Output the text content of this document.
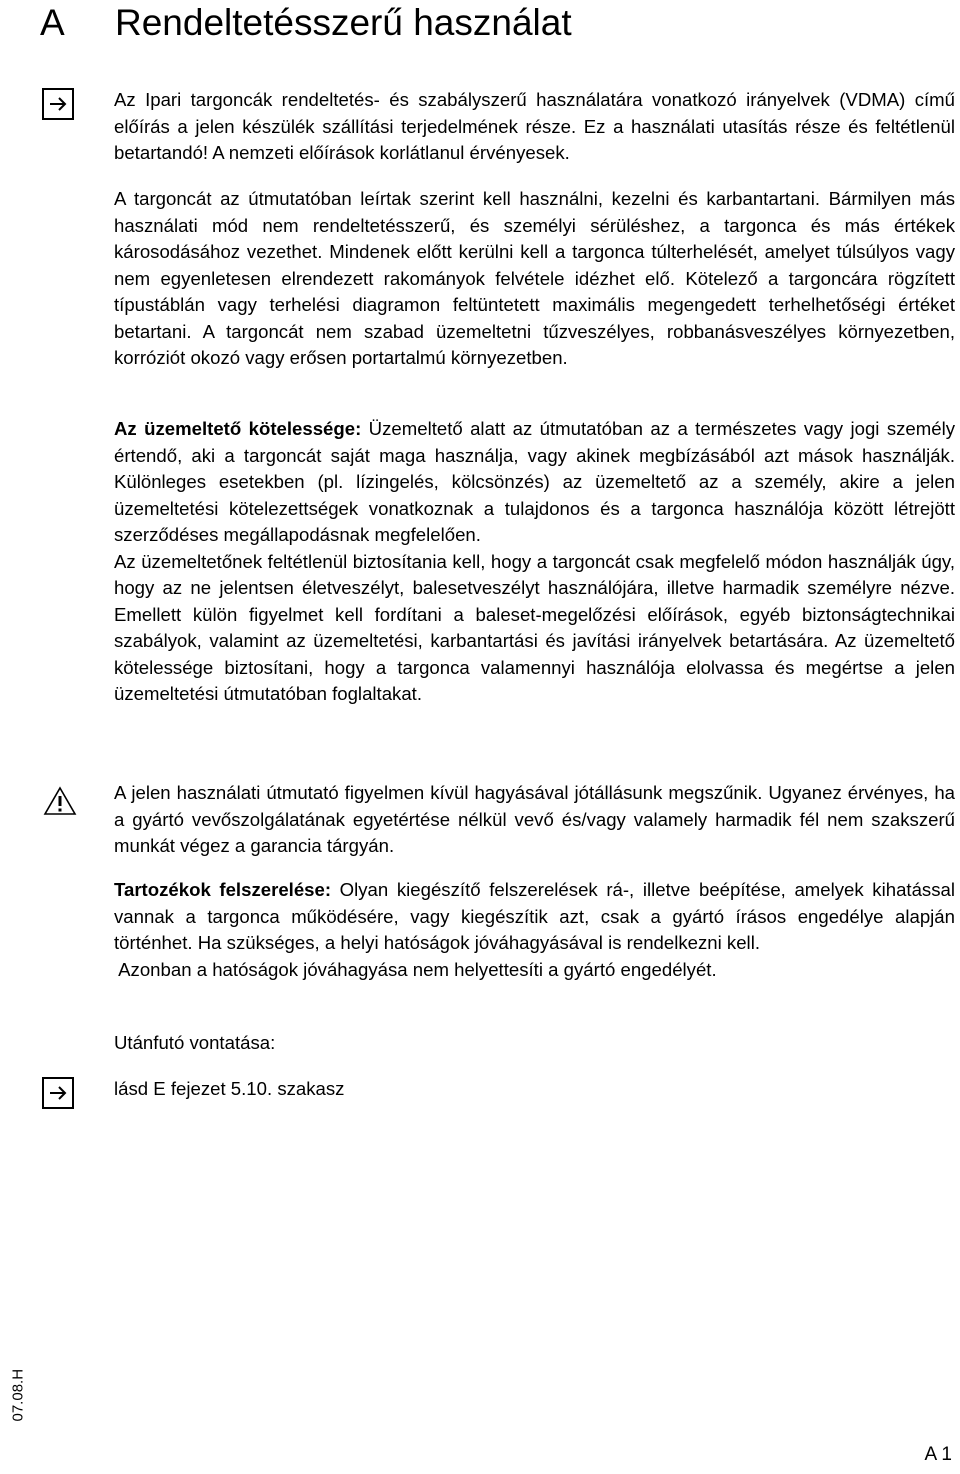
A Rendeltetésszerű használat

Az Ipari targoncák rendeltetés- és szabályszerű használatára vonatkozó irányelvek (VDMA) című előírás a jelen készülék szállítási terjedelmének része. Ez a használati utasítás része és feltétlenül betartandó! A nemzeti előírások korlátlanul érvényesek.

A targoncát az útmutatóban leírtak szerint kell használni, kezelni és karbantartani. Bármilyen más használati mód nem rendeltetésszerű, és személyi sérüléshez, a targonca és más értékek károsodásához vezethet. Mindenek előtt kerülni kell a targonca túlterhelését, amelyet túlsúlyos vagy nem egyenletesen elrendezett rakományok felvétele idézhet elő. Kötelező a targoncára rögzített típustáblán vagy terhelési diagramon feltüntetett maximális megengedett terhelhetőségi értéket betartani. A targoncát nem szabad üzemeltetni tűzveszélyes, robbanásveszélyes környezetben, korróziót okozó vagy erősen portartalmú környezetben.

Az üzemeltető kötelessége: Üzemeltető alatt az útmutatóban az a természetes vagy jogi személy értendő, aki a targoncát saját maga használja, vagy akinek megbízásából azt mások használják. Különleges esetekben (pl. lízingelés, kölcsönzés) az üzemeltető az a személy, akire a jelen üzemeltetési kötelezettségek vonatkoznak a tulajdonos és a targonca használója között létrejött szerződéses megállapodásnak megfelelően.

Az üzemeltetőnek feltétlenül biztosítania kell, hogy a targoncát csak megfelelő módon használják úgy, hogy az ne jelentsen életveszélyt, balesetveszélyt használójára, illetve harmadik személyre nézve. Emellett külön figyelmet kell fordítani a baleset-megelőzési előírások, egyéb biztonságtechnikai szabályok, valamint az üzemeltetési, karbantartási és javítási irányelvek betartására. Az üzemeltető kötelessége biztosítani, hogy a targonca valamennyi használója elolvassa és megértse a jelen üzemeltetési útmutatóban foglaltakat.

A jelen használati útmutató figyelmen kívül hagyásával jótállásunk megszűnik. Ugyanez érvényes, ha a gyártó vevőszolgálatának egyetértése nélkül vevő és/vagy valamely harmadik fél nem szakszerű munkát végez a garancia tárgyán.

Tartozékok felszerelése: Olyan kiegészítő felszerelések rá-, illetve beépítése, amelyek kihatással vannak a targonca működésére, vagy kiegészítik azt, csak a gyártó írásos engedélye alapján történhet. Ha szükséges, a helyi hatóságok jóváhagyásával is rendelkezni kell.

Azonban a hatóságok jóváhagyása nem helyettesíti a gyártó engedélyét.

Utánfutó vontatása:

lásd E fejezet 5.10. szakasz

07.08.H
A 1
